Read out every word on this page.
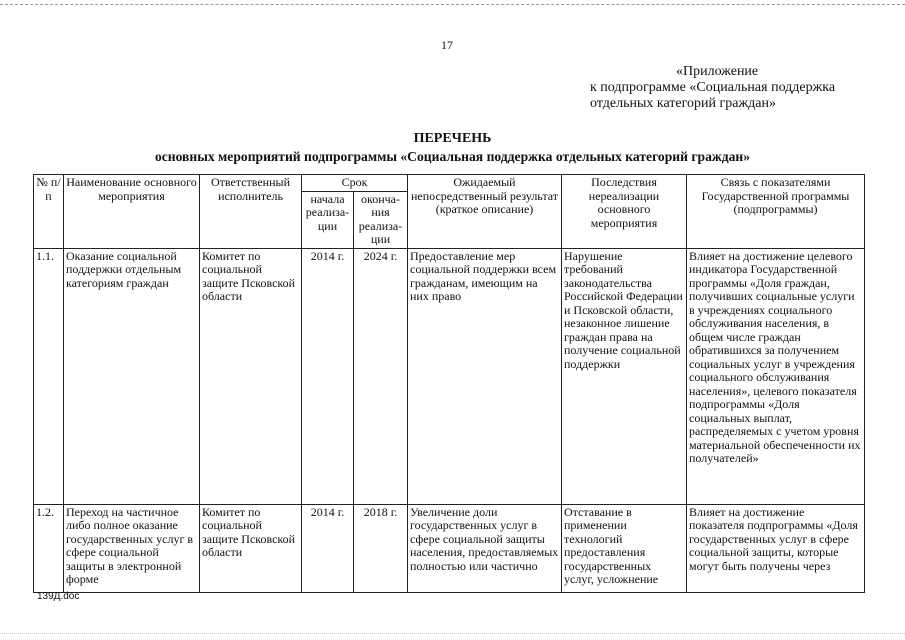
17
«Приложение
к подпрограмме «Социальная поддержка
отдельных категорий граждан»
ПЕРЕЧЕНЬ
основных мероприятий подпрограммы «Социальная поддержка отдельных категорий граждан»
№ п/п	Наименование основного мероприятия	Ответственный исполнитель	Срок		Ожидаемый непосредственный результат (краткое описание)	Последствия нереализации основного мероприятия	Связь с показателями Государственной программы (подпрограммы)
			начала реализа-ции	оконча-ния реализа-ции			
1.1.	Оказание социальной поддержки отдельным категориям граждан	Комитет по социальной защите Псковской области	2014 г.	2024 г.	Предоставление мер социальной поддержки всем гражданам, имеющим на них право	Нарушение требований законодательства Российской Федерации и Псковской области, незаконное лишение граждан права на получение социальной поддержки	Влияет на достижение целевого индикатора Государственной программы «Доля граждан, получивших социальные услуги в учреждениях социального обслуживания населения, в общем числе граждан обратившихся за получением социальных услуг в учреждения социального обслуживания населения», целевого показателя подпрограммы «Доля социальных выплат, распределяемых с учетом уровня материальной обеспеченности их получателей»
1.2.	Переход на частичное либо полное оказание государственных услуг в сфере социальной защиты в электронной форме	Комитет по социальной защите Псковской области	2014 г.	2018 г.	Увеличение доли государственных услуг в сфере социальной защиты населения, предоставляемых полностью или частично	Отставание в применении технологий предоставления государственных услуг, усложнение	Влияет на достижение показателя подпрограммы «Доля государственных услуг в сфере социальной защиты, которые могут быть получены через
139Д.doc
